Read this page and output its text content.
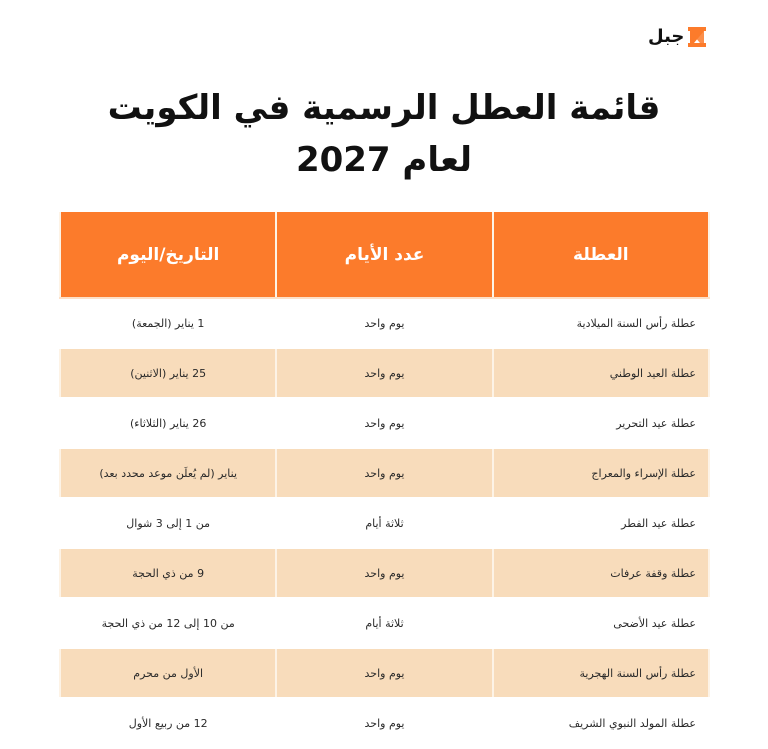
جبل
قائمة العطل الرسمية في الكويت
لعام 2027
العطلة	عدد الأيام	التاريخ/اليوم
عطلة رأس السنة الميلادية	يوم واحد	1 يناير (الجمعة)
عطلة العيد الوطني	يوم واحد	25 يناير (الاثنين)
عطلة عيد التحرير	يوم واحد	26 يناير (الثلاثاء)
عطلة الإسراء والمعراج	يوم واحد	يناير (لم يُعلَن موعد محدد بعد)
عطلة عيد الفطر	ثلاثة أيام	من 1 إلى 3 شوال
عطلة وقفة عرفات	يوم واحد	9 من ذي الحجة
عطلة عيد الأضحى	ثلاثة أيام	من 10 إلى 12 من ذي الحجة
عطلة رأس السنة الهجرية	يوم واحد	الأول من محرم
عطلة المولد النبوي الشريف	يوم واحد	12 من ربيع الأول
